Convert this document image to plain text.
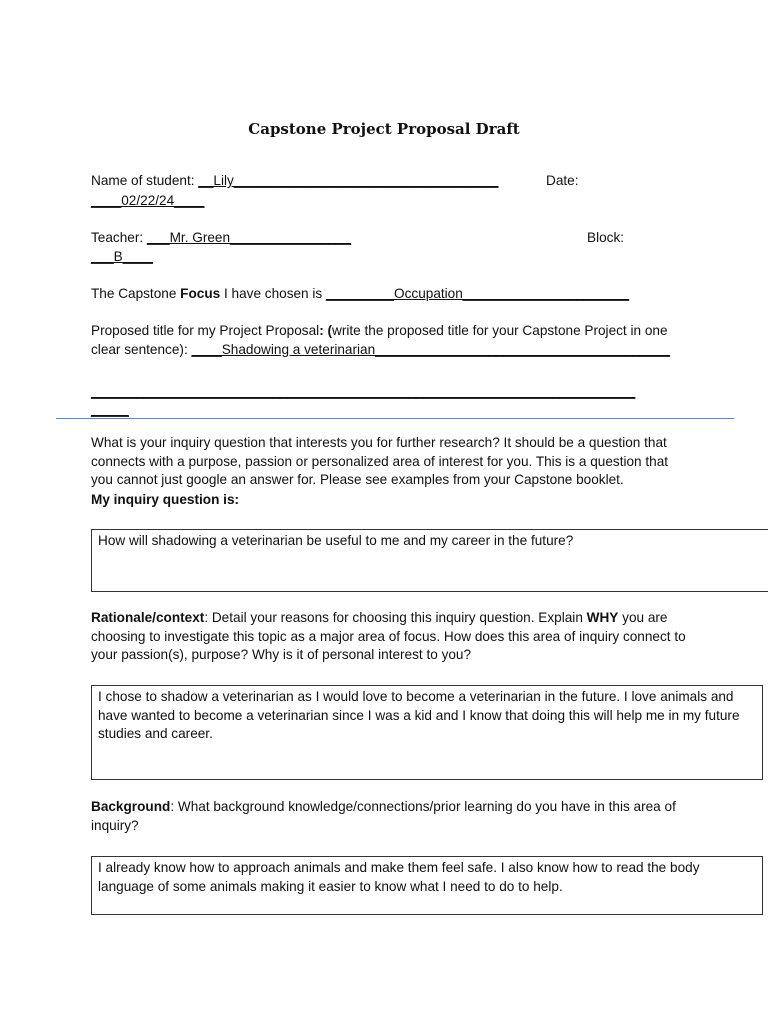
Capstone Project Proposal Draft
Name of student: __Lily___________________________________	Date:
____02/22/24____
Teacher: ___Mr. Green________________	Block:
___B____
The Capstone Focus I have chosen is _________Occupation______________________
Proposed title for my Project Proposal: (write the proposed title for your Capstone Project in one clear sentence): ____Shadowing a veterinarian_______________________________________
________________________________________________________________________
_____
What is your inquiry question that interests you for further research? It should be a question that connects with a purpose, passion or personalized area of interest for you. This is a question that you cannot just google an answer for. Please see examples from your Capstone booklet.
My inquiry question is:
How will shadowing a veterinarian be useful to me and my career in the future?
Rationale/context: Detail your reasons for choosing this inquiry question. Explain WHY you are choosing to investigate this topic as a major area of focus. How does this area of inquiry connect to your passion(s), purpose? Why is it of personal interest to you?
I chose to shadow a veterinarian as I would love to become a veterinarian in the future. I love animals and have wanted to become a veterinarian since I was a kid and I know that doing this will help me in my future studies and career.
Background: What background knowledge/connections/prior learning do you have in this area of inquiry?
I already know how to approach animals and make them feel safe. I also know how to read the body language of some animals making it easier to know what I need to do to help.
